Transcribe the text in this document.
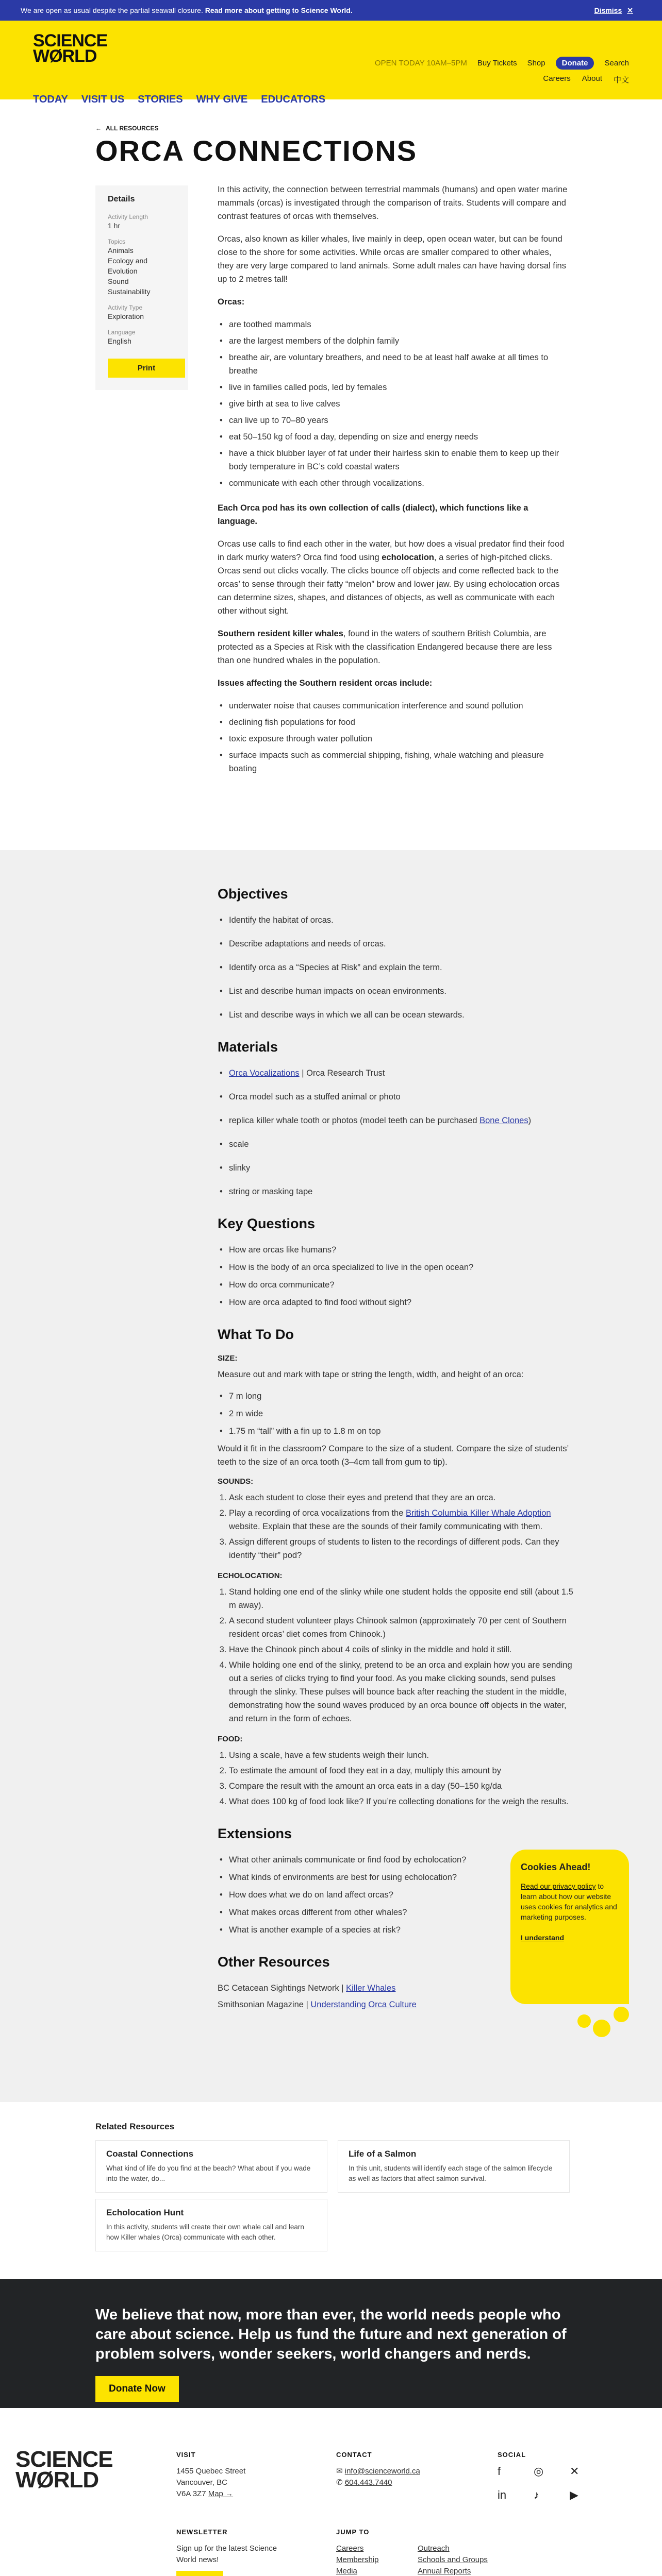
We are open as usual despite the partial seawall closure. Read more about getting to Science World.	Dismiss ✕
SCIENCE
WØRLD	OPEN TODAY 10AM–5PM Buy Tickets Shop	Donate	Search
Careers About 中文
TODAY VISIT US STORIES WHY GIVE EDUCATORS
← ALL RESOURCES
ORCA CONNECTIONS
Details
Activity Length
1 hr
Topics
Animals
Ecology and Evolution
Sound
Sustainability
Activity Type
Exploration
Language
English
Print

In this activity, the connection between terrestrial mammals (humans) and open water marine mammals (orcas) is investigated through the comparison of traits. Students will compare and contrast features of orcas with themselves.

Orcas, also known as killer whales, live mainly in deep, open ocean water, but can be found close to the shore for some activities. While orcas are smaller compared to other whales, they are very large compared to land animals. Some adult males can have having dorsal fins up to 2 metres tall!

Orcas:

• are toothed mammals
• are the largest members of the dolphin family
• breathe air, are voluntary breathers, and need to be at least half awake at all times to breathe
• live in families called pods, led by females
• give birth at sea to live calves
• can live up to 70–80 years
• eat 50–150 kg of food a day, depending on size and energy needs
• have a thick blubber layer of fat under their hairless skin to enable them to keep up their body temperature in BC’s cold coastal waters
• communicate with each other through vocalizations.

Each Orca pod has its own collection of calls (dialect), which functions like a language.

Orcas use calls to find each other in the water, but how does a visual predator find their food in dark murky waters? Orca find food using echolocation, a series of high-pitched clicks. Orcas send out clicks vocally. The clicks bounce off objects and come reflected back to the orcas’ to sense through their fatty “melon” brow and lower jaw. By using echolocation orcas can determine sizes, shapes, and distances of objects, as well as communicate with each other without sight.

Southern resident killer whales, found in the waters of southern British Columbia, are protected as a Species at Risk with the classification Endangered because there are less than one hundred whales in the population.

Issues affecting the Southern resident orcas include:

• underwater noise that causes communication interference and sound pollution
• declining fish populations for food
• toxic exposure through water pollution
• surface impacts such as commercial shipping, fishing, whale watching and pleasure boating
Objectives
• Identify the habitat of orcas.
• Describe adaptations and needs of orcas.
• Identify orca as a “Species at Risk” and explain the term.
• List and describe human impacts on ocean environments.
• List and describe ways in which we all can be ocean stewards.
Materials
• Orca Vocalizations | Orca Research Trust
• Orca model such as a stuffed animal or photo
• replica killer whale tooth or photos (model teeth can be purchased Bone Clones)
• scale
• slinky
• string or masking tape
Key Questions
• How are orcas like humans?
• How is the body of an orca specialized to live in the open ocean?
• How do orca communicate?
• How are orca adapted to find food without sight?
What To Do
SIZE:

Measure out and mark with tape or string the length, width, and height of an orca:

• 7 m long
• 2 m wide
• 1.75 m “tall” with a fin up to 1.8 m on top

Would it fit in the classroom? Compare to the size of a student. Compare the size of students’ teeth to the size of an orca tooth (3–4cm tall from gum to tip).

SOUNDS:
1. Ask each student to close their eyes and pretend that they are an orca.
2. Play a recording of orca vocalizations from the British Columbia Killer Whale Adoption website. Explain that these are the sounds of their family communicating with them.
3. Assign different groups of students to listen to the recordings of different pods. Can they identify “their” pod?
ECHOLOCATION:
1. Stand holding one end of the slinky while one student holds the opposite end still (about 1.5 m away).
2. A second student volunteer plays Chinook salmon (approximately 70 per cent of Southern resident orcas’ diet comes from Chinook.)
3. Have the Chinook pinch about 4 coils of slinky in the middle and hold it still.
4. While holding one end of the slinky, pretend to be an orca and explain how you are sending out a series of clicks trying to find your food. As you make clicking sounds, send pulses through the slinky. These pulses will bounce back after reaching the student in the middle, demonstrating how the sound waves produced by an orca bounce off objects in the water, and return in the form of echoes.
FOOD:
1. Using a scale, have a few students weigh their lunch.
2. To estimate the amount of food they eat in a day, multiply this amount by
3. Compare the result with the amount an orca eats in a day (50–150 kg/da
4. What does 100 kg of food look like? If you’re collecting donations for the weigh the results.
Extensions
• What other animals communicate or find food by echolocation?
• What kinds of environments are best for using echolocation?
• How does what we do on land affect orcas?
• What makes orcas different from other whales?
• What is another example of a species at risk?
Other Resources

BC Cetacean Sightings Network | Killer Whales

Smithsonian Magazine | Understanding Orca Culture

Cookies Ahead!

Read our privacy policy to learn about how our website uses cookies for analytics and marketing purposes.

I understand
Related Resources
Coastal Connections

What kind of life do you find at the beach? What about if you wade into the water, do...

Life of a Salmon

In this unit, students will identify each stage of the salmon lifecycle as well as factors that affect salmon survival.

Echolocation Hunt

In this activity, students will create their own whale call and learn how Killer whales (Orca) communicate with each other.

We believe that now, more than ever, the world needs people who care about science. Help us fund the future and next generation of problem solvers, wonder seekers, world changers and nerds.
Donate Now
SCIENCE
WØRLD
VISIT
1455 Quebec Street
Vancouver, BC
V6A 3Z7 Map →
CONTACT
✉ info@scienceworld.ca
✆ 604.443.7440
SOCIAL
f	◎	✕
in	♪	▶
NEWSLETTER
Sign up for the latest Science World news!
JUMP TO
Careers
Membership
Media
Outreach
Schools and Groups
Annual Reports
